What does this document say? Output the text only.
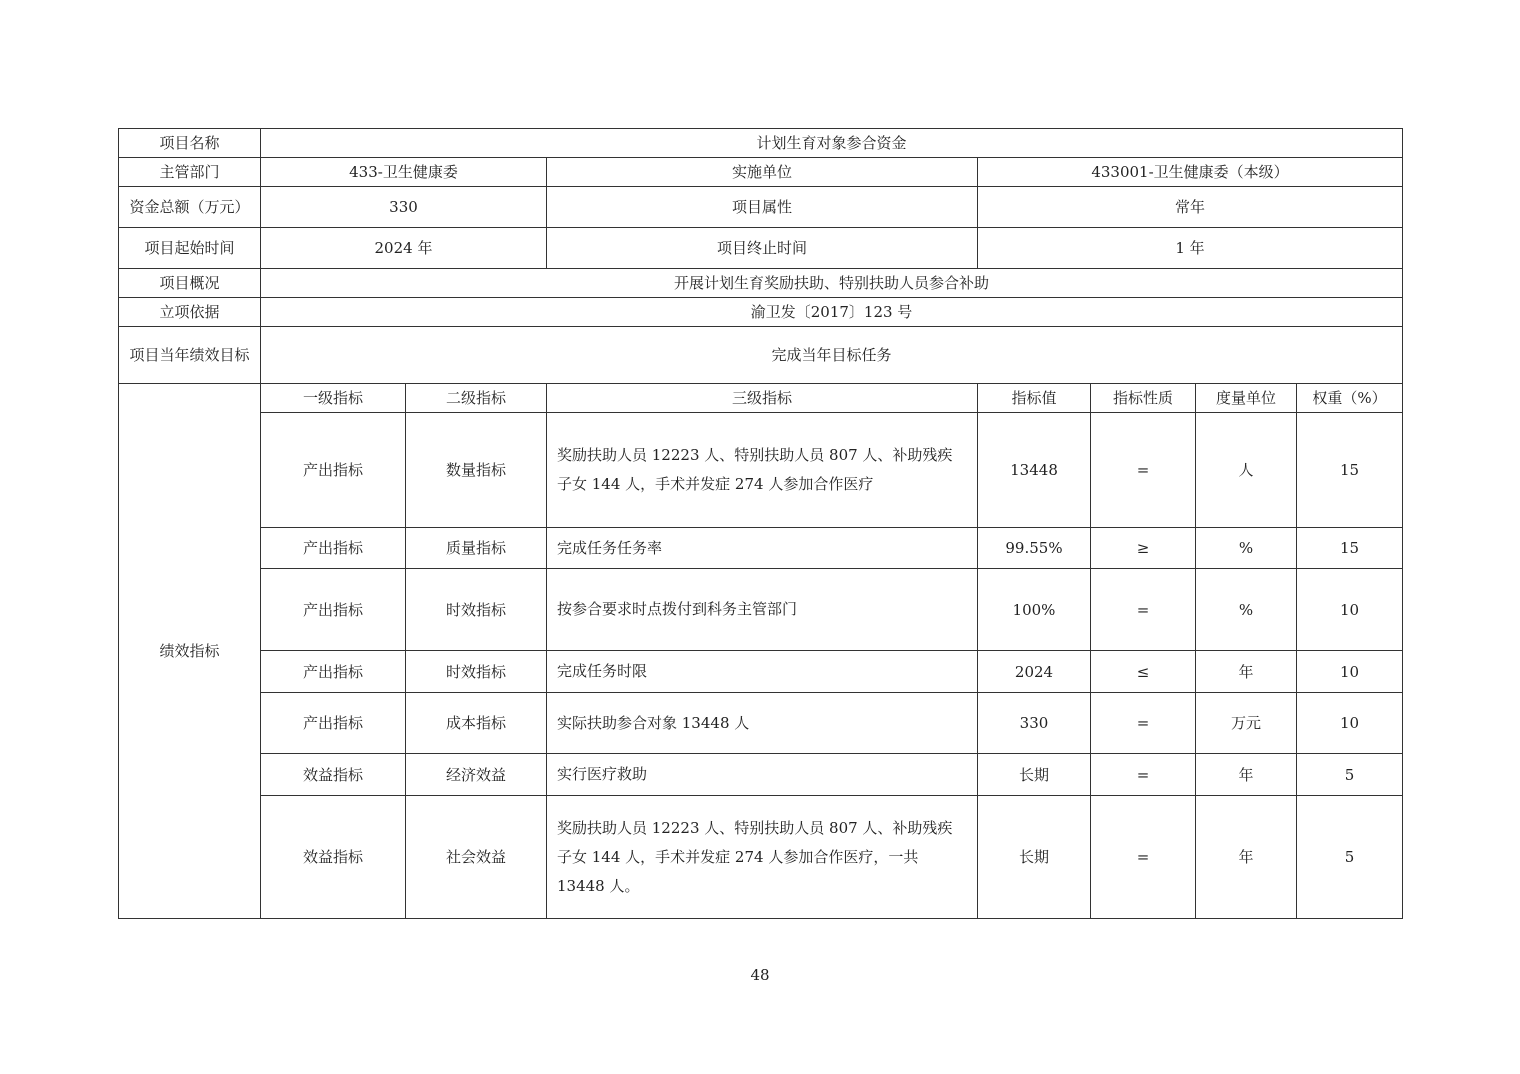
项目名称	计划生育对象参合资金						
主管部门	433-卫生健康委		实施单位	433001-卫生健康委（本级）			
资金总额（万元）	330		项目属性	常年			
项目起始时间	2024 年		项目终止时间	1 年			
项目概况	开展计划生育奖励扶助、特别扶助人员参合补助						
立项依据	渝卫发〔2017〕123 号						
项目当年绩效目标	完成当年目标任务						
绩效指标	一级指标	二级指标	三级指标	指标值	指标性质	度量单位	权重（%）
	产出指标	数量指标	奖励扶助人员 12223 人、特别扶助人员 807 人、补助残疾子女 144 人，手术并发症 274 人参加合作医疗	13448	=	人	15
	产出指标	质量指标	完成任务任务率	99.55%	≥	%	15
	产出指标	时效指标	按参合要求时点拨付到科务主管部门	100%	=	%	10
	产出指标	时效指标	完成任务时限	2024	≤	年	10
	产出指标	成本指标	实际扶助参合对象 13448 人	330	=	万元	10
	效益指标	经济效益	实行医疗救助	长期	=	年	5
	效益指标	社会效益	奖励扶助人员 12223 人、特别扶助人员 807 人、补助残疾子女 144 人，手术并发症 274 人参加合作医疗，一共 13448 人。	长期	=	年	5
48
